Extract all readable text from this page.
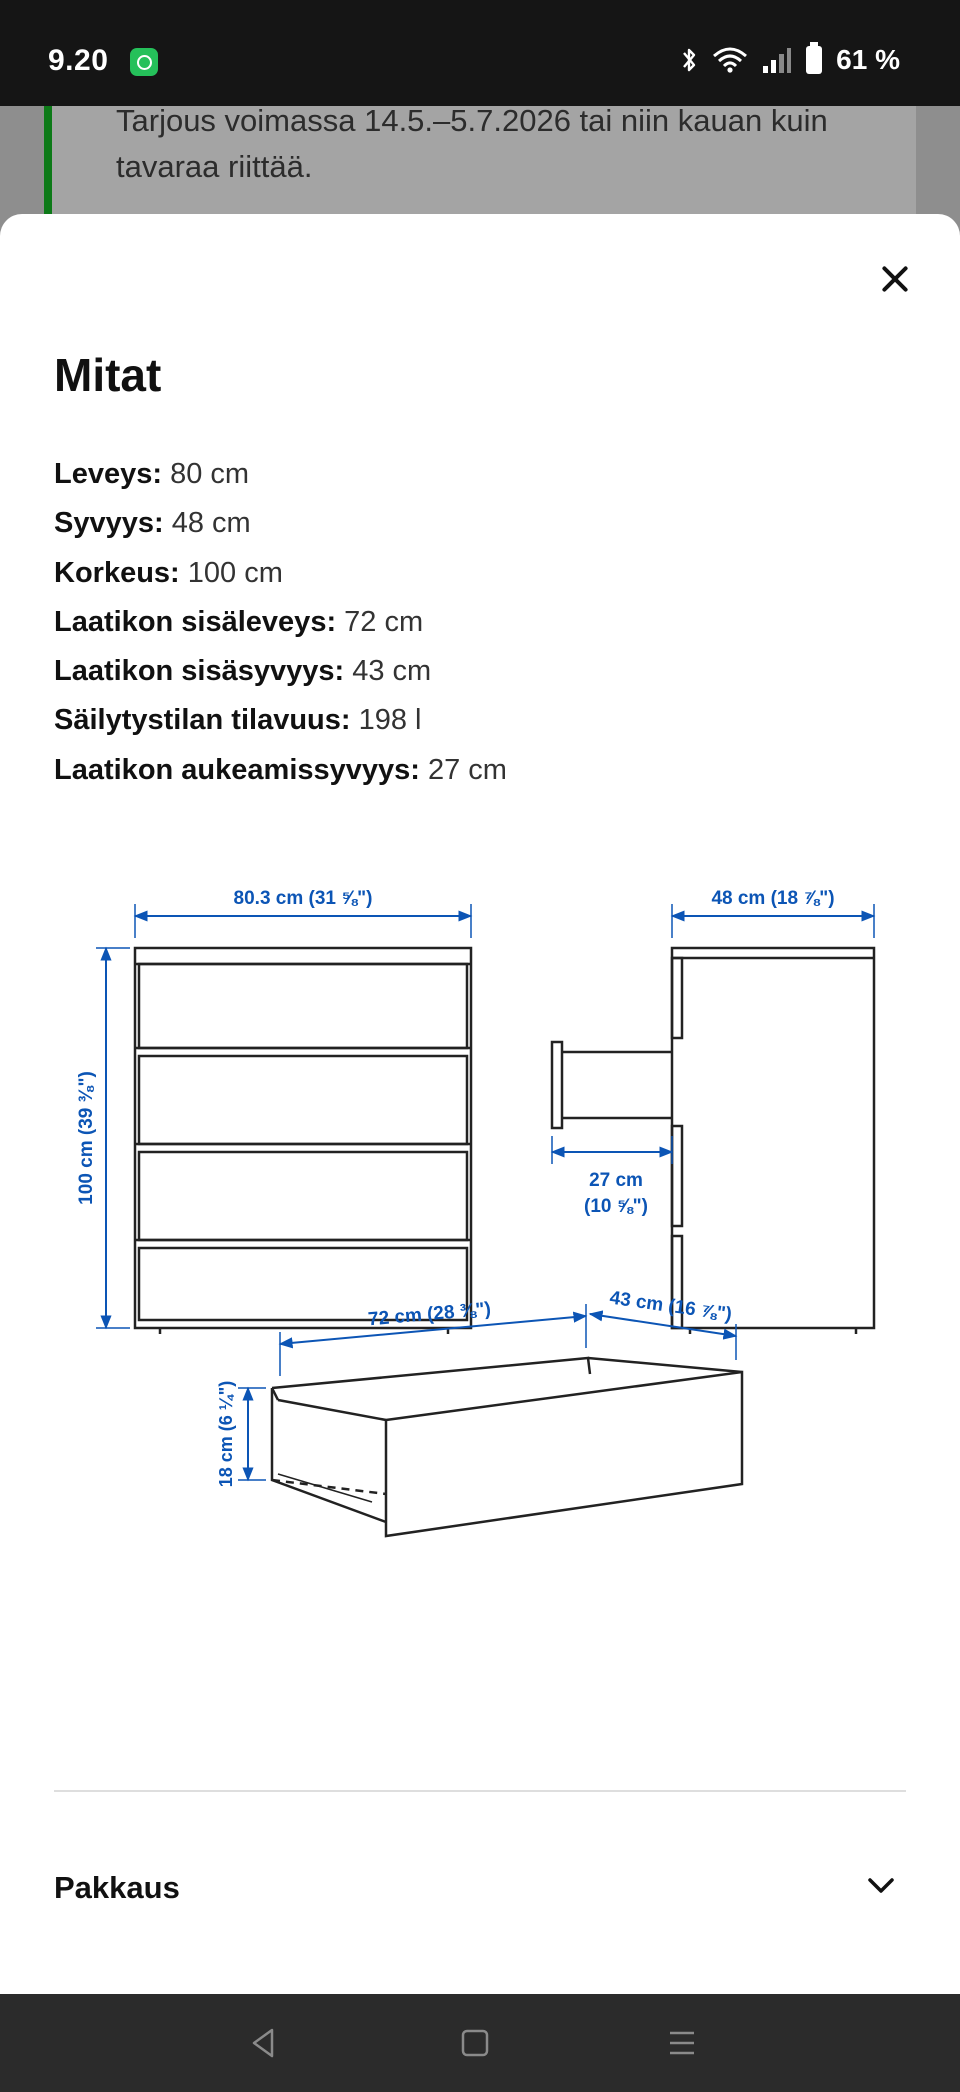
9.20	61 %
Tarjous voimassa 14.5.–5.7.2026 tai niin kauan kuin tavaraa riittää.
Mitat
Leveys: 80 cm
Syvyys: 48 cm
Korkeus: 100 cm
Laatikon sisäleveys: 72 cm
Laatikon sisäsyvyys: 43 cm
Säilytystilan tilavuus: 198 l
Laatikon aukeamissyvyys: 27 cm
80.3 cm (31 ⅝")
100 cm (39 ⅜")
48 cm (18 ⅞")
27 cm
(10 ⅝")
72 cm (28 ⅜")	43 cm (16 ⅞")
18 cm (6 ¼")
Pakkaus
